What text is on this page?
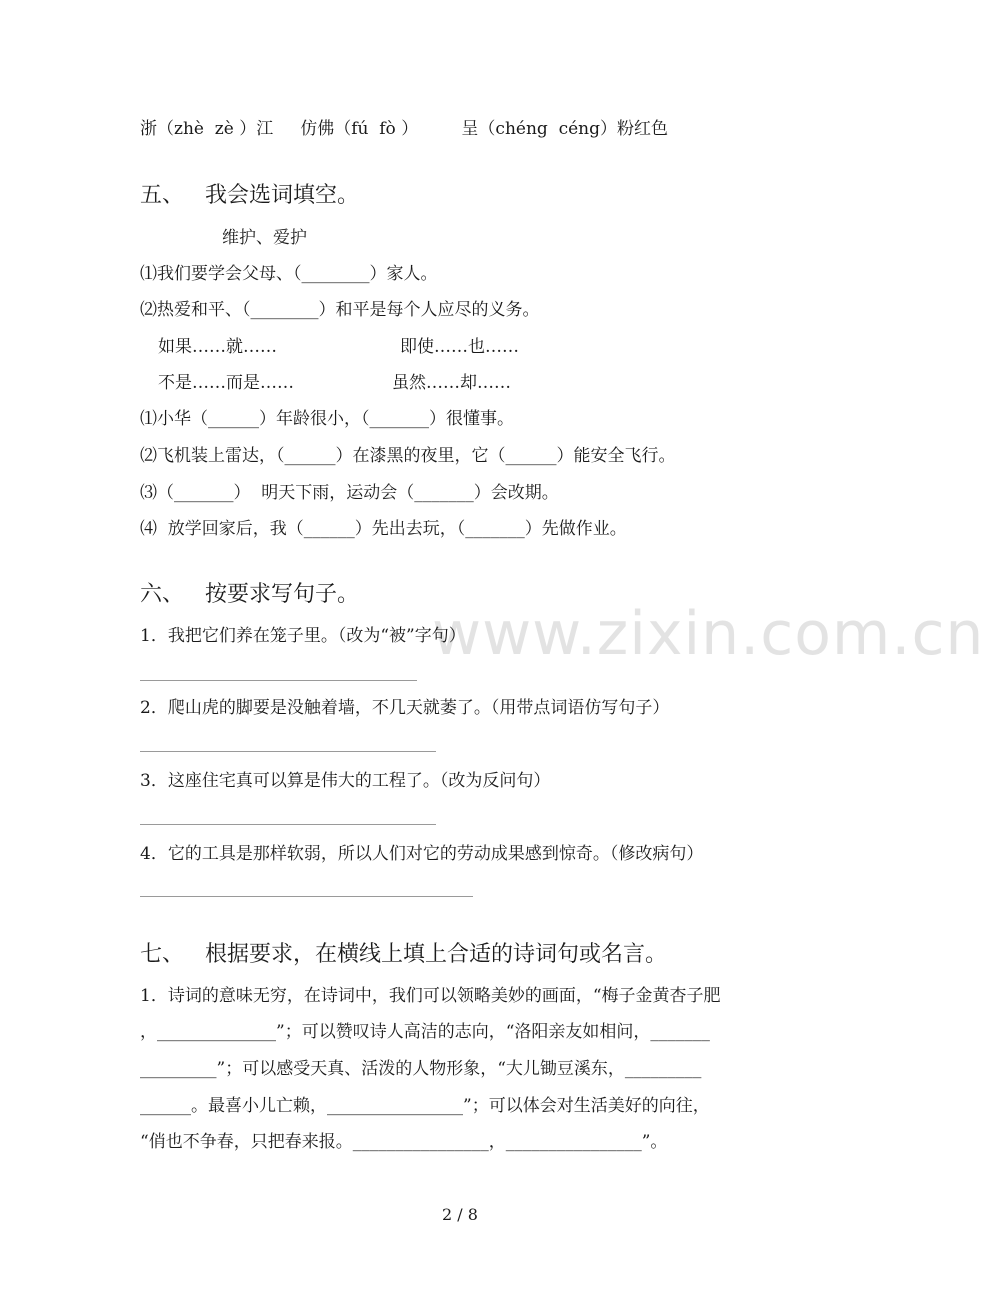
www.zixin.com.cn
浙（zhè  zè ）江     仿佛（fú  fò ）        呈（chéng  céng）粉红色
五、   我会选词填空。
维护、爱护
⑴我们要学会父母、（________）家人。
⑵热爱和平、（________）和平是每个人应尽的义务。
如果……就……	即使……也……
不是……而是……	虽然……却……
⑴小华（______）年龄很小，（_______）很懂事。
⑵飞机装上雷达，（______）在漆黑的夜里，它（______）能安全飞行。
⑶（_______）  明天下雨，运动会（_______）会改期。
⑷  放学回家后，我（______）先出去玩，（_______）先做作业。
六、   按要求写句子。
1．我把它们养在笼子里。（改为“被”字句）
2．爬山虎的脚要是没触着墙，不几天就萎了。（用带点词语仿写句子）
3．这座住宅真可以算是伟大的工程了。（改为反问句）
4．它的工具是那样软弱，所以人们对它的劳动成果感到惊奇。（修改病句）
七、   根据要求，在横线上填上合适的诗词句或名言。
1．诗词的意味无穷，在诗词中，我们可以领略美妙的画面，“梅子金黄杏子肥
，______________”；可以赞叹诗人高洁的志向，“洛阳亲友如相问，_______
_________”；可以感受天真、活泼的人物形象，“大儿锄豆溪东，_________
______。最喜小儿亡赖，________________”；可以体会对生活美好的向往，
“俏也不争春，只把春来报。________________，________________”。
2 / 8
